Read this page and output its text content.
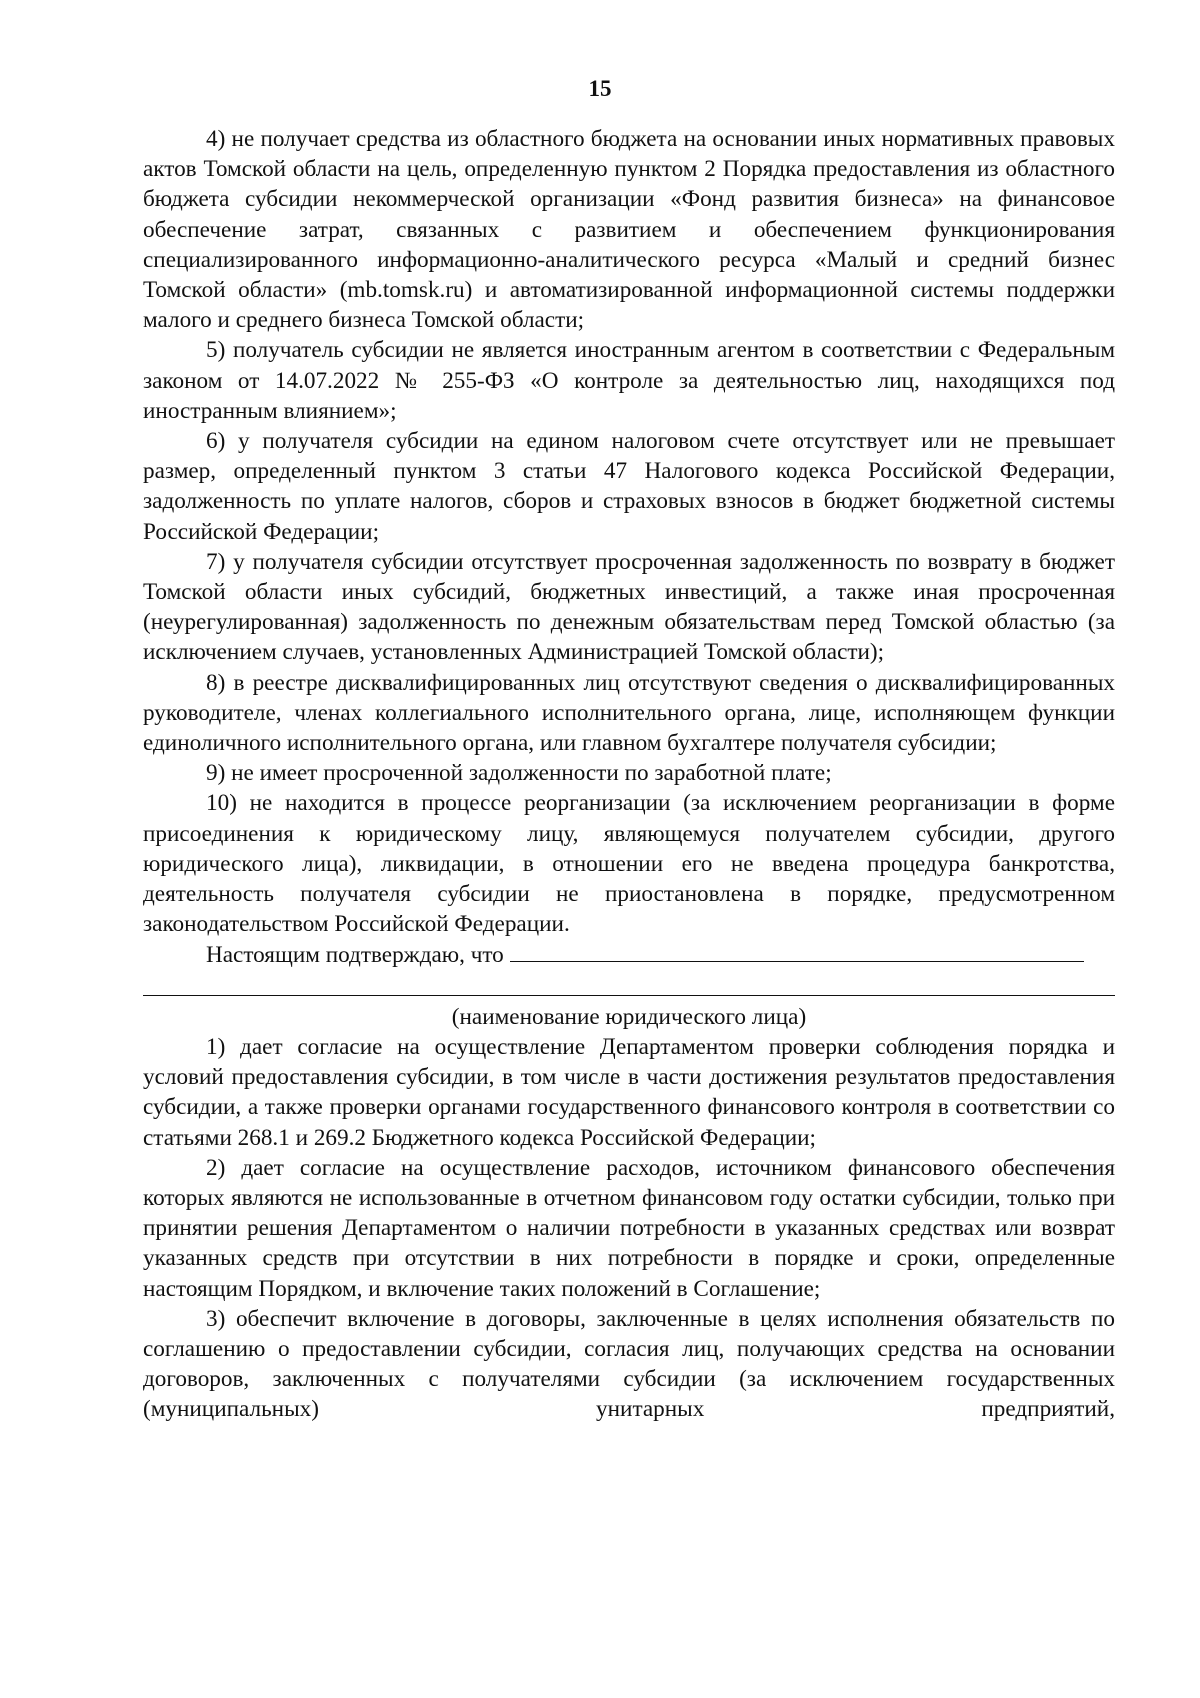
15

4) не получает средства из областного бюджета на основании иных нормативных правовых актов Томской области на цель, определенную пунктом 2 Порядка предоставления из областного бюджета субсидии некоммерческой организации «Фонд развития бизнеса» на финансовое обеспечение затрат, связанных с развитием и обеспечением функционирования специализированного информационно-аналитического ресурса «Малый и средний бизнес Томской области» (mb.tomsk.ru) и автоматизированной информационной системы поддержки малого и среднего бизнеса Томской области;

5) получатель субсидии не является иностранным агентом в соответствии с Федеральным законом от 14.07.2022 № 255-ФЗ «О контроле за деятельностью лиц, находящихся под иностранным влиянием»;

6) у получателя субсидии на едином налоговом счете отсутствует или не превышает размер, определенный пунктом 3 статьи 47 Налогового кодекса Российской Федерации, задолженность по уплате налогов, сборов и страховых взносов в бюджет бюджетной системы Российской Федерации;

7) у получателя субсидии отсутствует просроченная задолженность по возврату в бюджет Томской области иных субсидий, бюджетных инвестиций, а также иная просроченная (неурегулированная) задолженность по денежным обязательствам перед Томской областью (за исключением случаев, установленных Администрацией Томской области);

8) в реестре дисквалифицированных лиц отсутствуют сведения о дисквалифицированных руководителе, членах коллегиального исполнительного органа, лице, исполняющем функции единоличного исполнительного органа, или главном бухгалтере получателя субсидии;

9) не имеет просроченной задолженности по заработной плате;

10) не находится в процессе реорганизации (за исключением реорганизации в форме присоединения к юридическому лицу, являющемуся получателем субсидии, другого юридического лица), ликвидации, в отношении его не введена процедура банкротства, деятельность получателя субсидии не приостановлена в порядке, предусмотренном законодательством Российской Федерации.

Настоящим подтверждаю, что

(наименование юридического лица)

1) дает согласие на осуществление Департаментом проверки соблюдения порядка и условий предоставления субсидии, в том числе в части достижения результатов предоставления субсидии, а также проверки органами государственного финансового контроля в соответствии со статьями 268.1 и 269.2 Бюджетного кодекса Российской Федерации;

2) дает согласие на осуществление расходов, источником финансового обеспечения которых являются не использованные в отчетном финансовом году остатки субсидии, только при принятии решения Департаментом о наличии потребности в указанных средствах или возврат указанных средств при отсутствии в них потребности в порядке и сроки, определенные настоящим Порядком, и включение таких положений в Соглашение;

3) обеспечит включение в договоры, заключенные в целях исполнения обязательств по соглашению о предоставлении субсидии, согласия лиц, получающих средства на основании договоров, заключенных с получателями субсидии (за исключением государственных (муниципальных) унитарных предприятий,
